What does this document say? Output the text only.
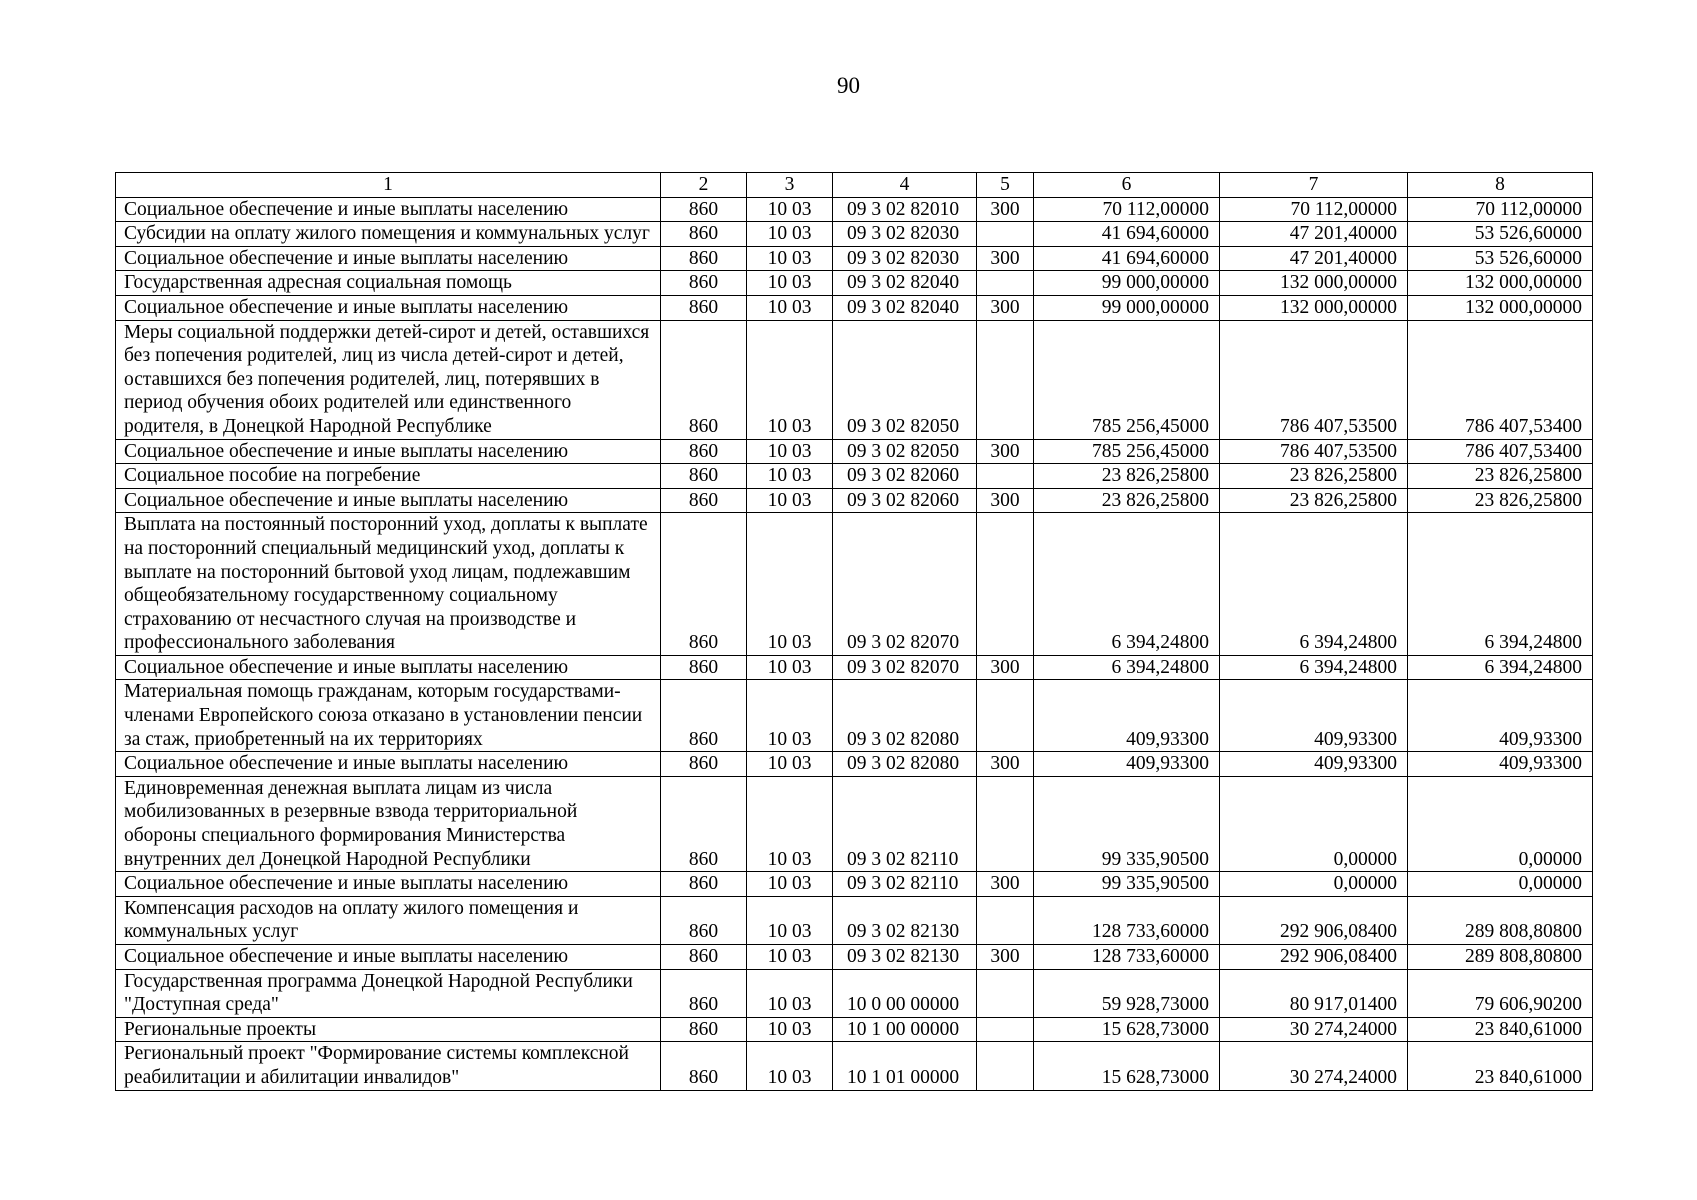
90
1	2	3	4	5	6	7	8
Социальное обеспечение и иные выплаты населению	860	10 03	09 3 02 82010	300	70 112,00000	70 112,00000	70 112,00000
Субсидии на оплату жилого помещения и коммунальных услуг	860	10 03	09 3 02 82030		41 694,60000	47 201,40000	53 526,60000
Социальное обеспечение и иные выплаты населению	860	10 03	09 3 02 82030	300	41 694,60000	47 201,40000	53 526,60000
Государственная адресная социальная помощь	860	10 03	09 3 02 82040		99 000,00000	132 000,00000	132 000,00000
Социальное обеспечение и иные выплаты населению	860	10 03	09 3 02 82040	300	99 000,00000	132 000,00000	132 000,00000
Меры социальной поддержки детей-сирот и детей, оставшихся без попечения родителей, лиц из числа детей-сирот и детей, оставшихся без попечения родителей, лиц, потерявших в период обучения обоих родителей или единственного родителя, в Донецкой Народной Республике	860	10 03	09 3 02 82050		785 256,45000	786 407,53500	786 407,53400
Социальное обеспечение и иные выплаты населению	860	10 03	09 3 02 82050	300	785 256,45000	786 407,53500	786 407,53400
Социальное пособие на погребение	860	10 03	09 3 02 82060		23 826,25800	23 826,25800	23 826,25800
Социальное обеспечение и иные выплаты населению	860	10 03	09 3 02 82060	300	23 826,25800	23 826,25800	23 826,25800
Выплата на постоянный посторонний уход, доплаты к выплате на посторонний специальный медицинский уход, доплаты к выплате на посторонний бытовой уход лицам, подлежавшим общеобязательному государственному социальному страхованию от несчастного случая на производстве и профессионального заболевания	860	10 03	09 3 02 82070		6 394,24800	6 394,24800	6 394,24800
Социальное обеспечение и иные выплаты населению	860	10 03	09 3 02 82070	300	6 394,24800	6 394,24800	6 394,24800
Материальная помощь гражданам, которым государствами-членами Европейского союза отказано в установлении пенсии за стаж, приобретенный на их территориях	860	10 03	09 3 02 82080		409,93300	409,93300	409,93300
Социальное обеспечение и иные выплаты населению	860	10 03	09 3 02 82080	300	409,93300	409,93300	409,93300
Единовременная денежная выплата лицам из числа мобилизованных в резервные взвода территориальной обороны специального формирования Министерства внутренних дел Донецкой Народной Республики	860	10 03	09 3 02 82110		99 335,90500	0,00000	0,00000
Социальное обеспечение и иные выплаты населению	860	10 03	09 3 02 82110	300	99 335,90500	0,00000	0,00000
Компенсация расходов на оплату жилого помещения и коммунальных услуг	860	10 03	09 3 02 82130		128 733,60000	292 906,08400	289 808,80800
Социальное обеспечение и иные выплаты населению	860	10 03	09 3 02 82130	300	128 733,60000	292 906,08400	289 808,80800
Государственная программа Донецкой Народной Республики "Доступная среда"	860	10 03	10 0 00 00000		59 928,73000	80 917,01400	79 606,90200
Региональные проекты	860	10 03	10 1 00 00000		15 628,73000	30 274,24000	23 840,61000
Региональный проект "Формирование системы комплексной реабилитации и абилитации инвалидов"	860	10 03	10 1 01 00000		15 628,73000	30 274,24000	23 840,61000
